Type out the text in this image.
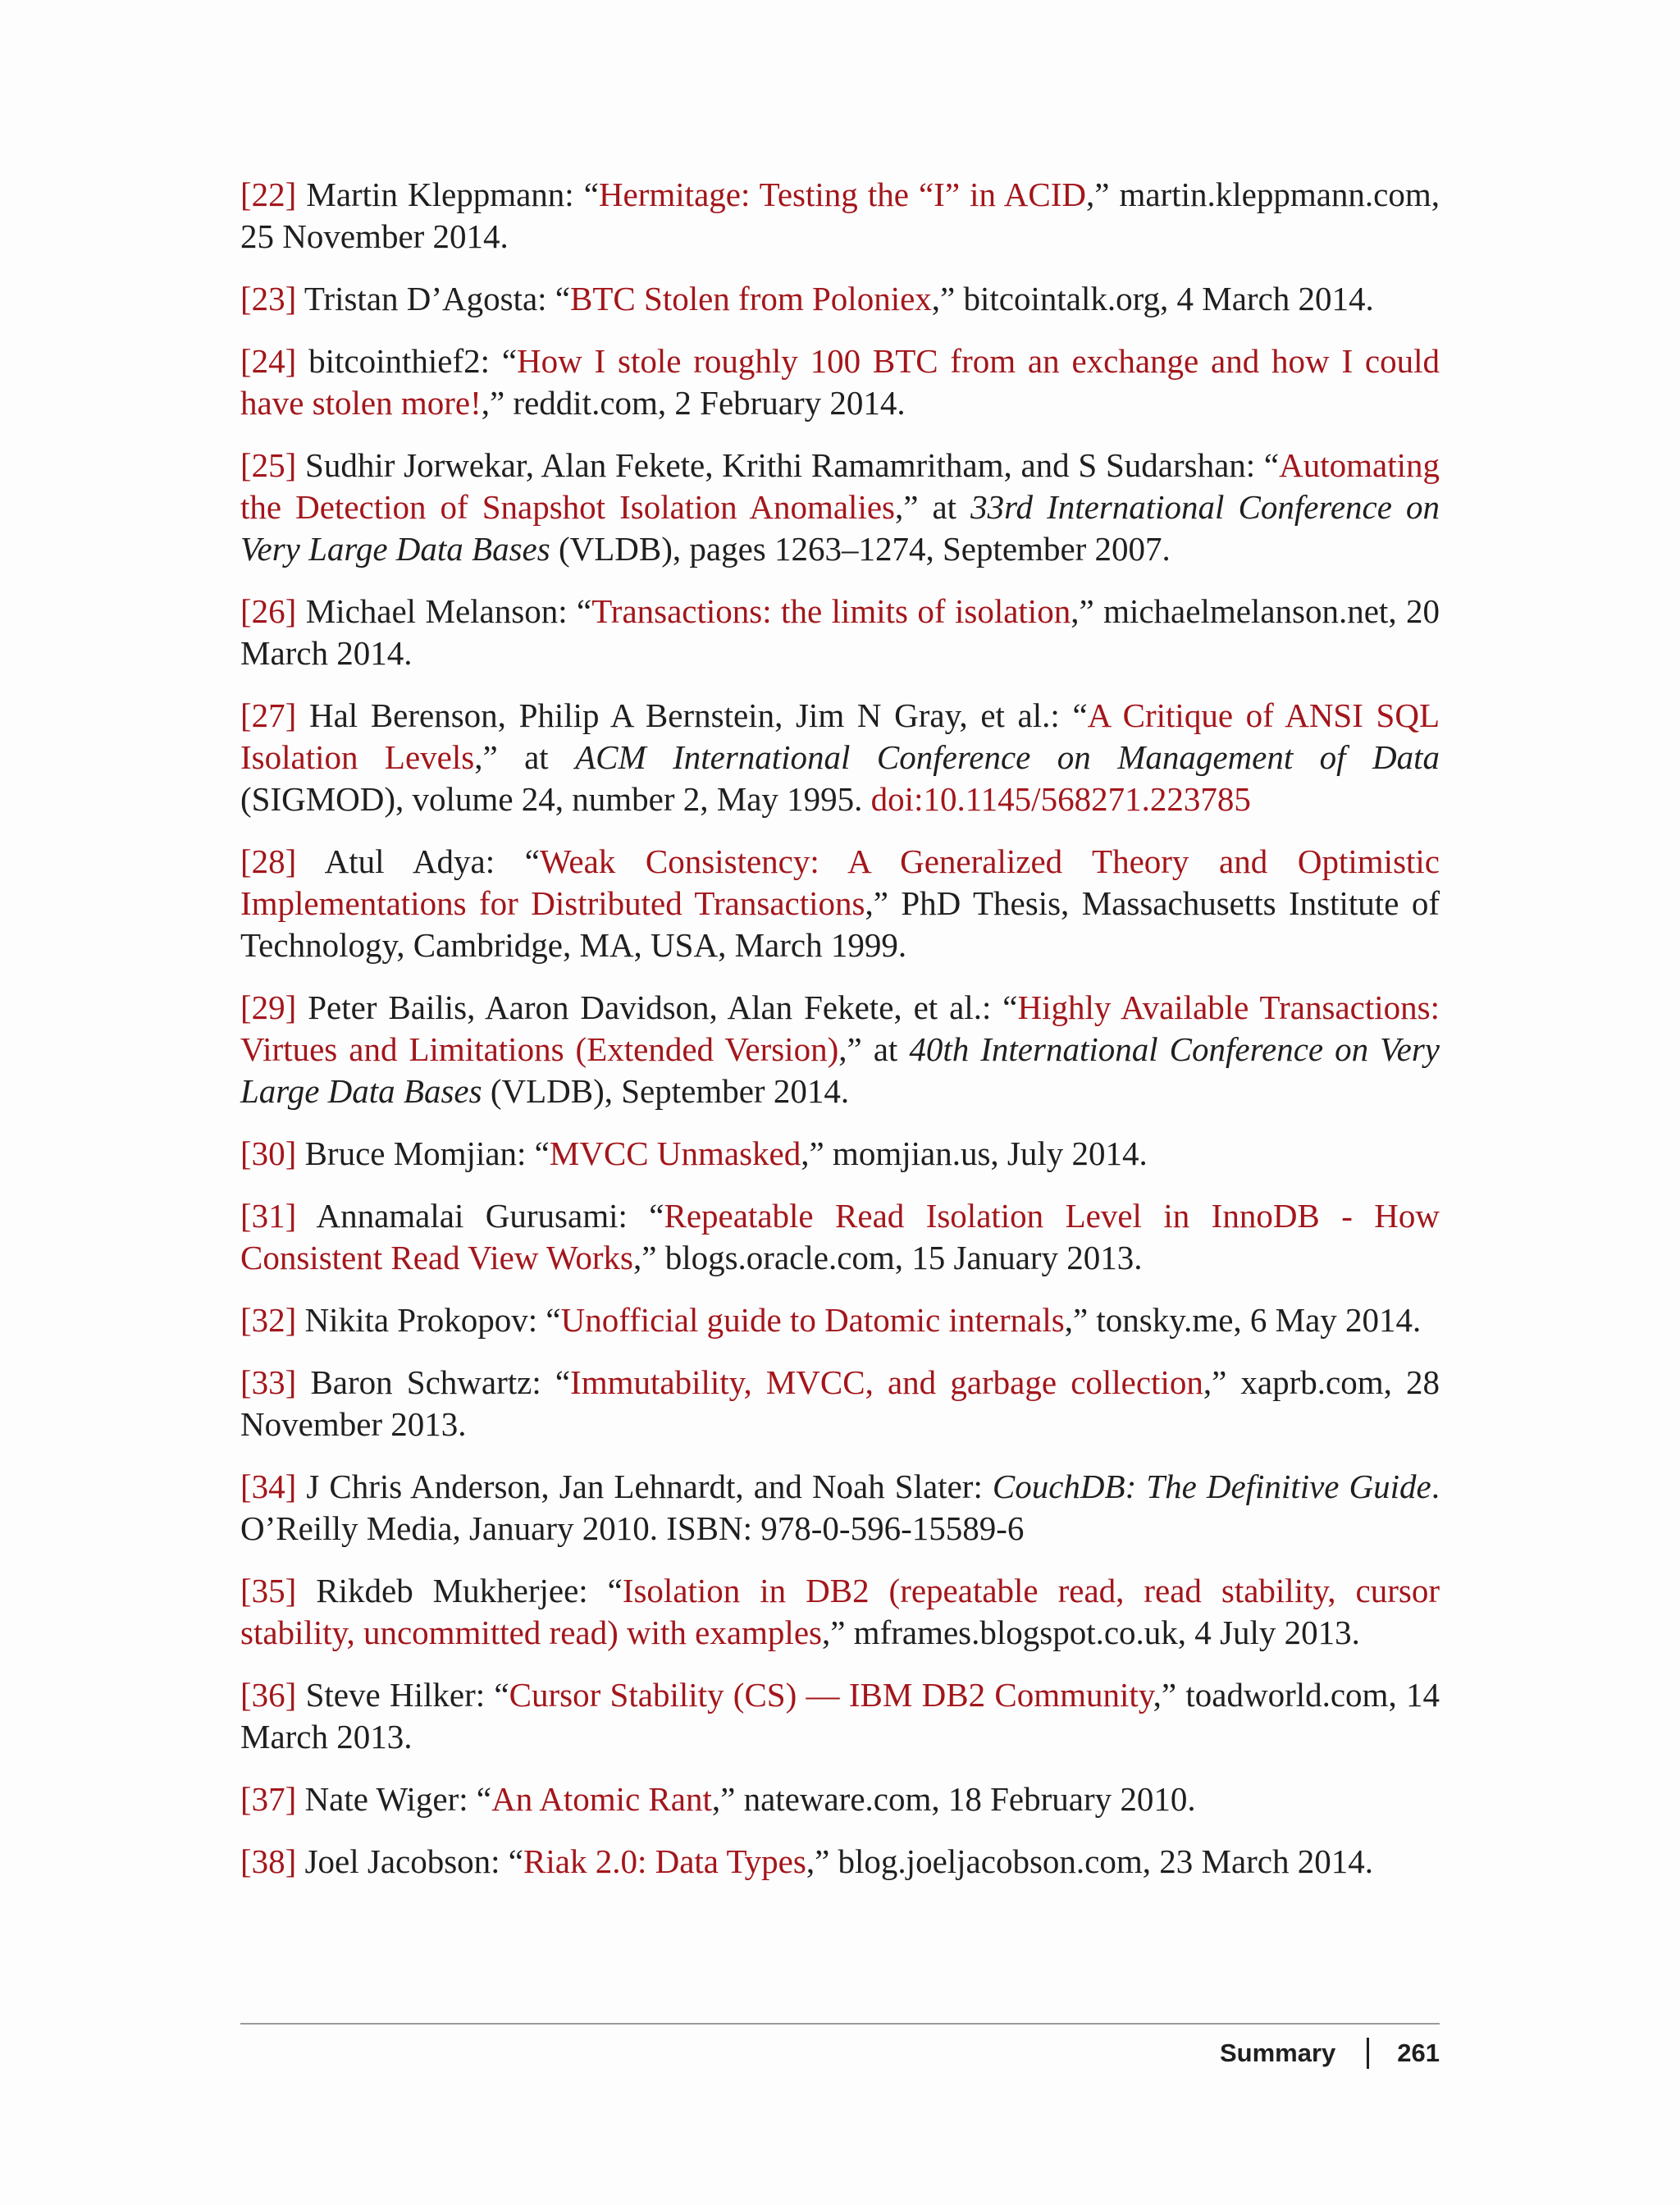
[22] Martin Kleppmann: “Hermitage: Testing the “I” in ACID,” martin.kleppmann.com, 25 November 2014.

[23] Tristan D’Agosta: “BTC Stolen from Poloniex,” bitcointalk.org, 4 March 2014.

[24] bitcointhief2: “How I stole roughly 100 BTC from an exchange and how I could have stolen more!,” reddit.com, 2 February 2014.

[25] Sudhir Jorwekar, Alan Fekete, Krithi Ramamritham, and S Sudarshan: “Automating the Detection of Snapshot Isolation Anomalies,” at 33rd International Conference on Very Large Data Bases (VLDB), pages 1263–1274, September 2007.

[26] Michael Melanson: “Transactions: the limits of isolation,” michaelmelanson.net, 20 March 2014.

[27] Hal Berenson, Philip A Bernstein, Jim N Gray, et al.: “A Critique of ANSI SQL Isolation Levels,” at ACM International Conference on Management of Data (SIGMOD), volume 24, number 2, May 1995. doi:10.1145/568271.223785

[28] Atul Adya: “Weak Consistency: A Generalized Theory and Optimistic Implementations for Distributed Transactions,” PhD Thesis, Massachusetts Institute of Technology, Cambridge, MA, USA, March 1999.

[29] Peter Bailis, Aaron Davidson, Alan Fekete, et al.: “Highly Available Transactions: Virtues and Limitations (Extended Version),” at 40th International Conference on Very Large Data Bases (VLDB), September 2014.

[30] Bruce Momjian: “MVCC Unmasked,” momjian.us, July 2014.

[31] Annamalai Gurusami: “Repeatable Read Isolation Level in InnoDB - How Consistent Read View Works,” blogs.oracle.com, 15 January 2013.

[32] Nikita Prokopov: “Unofficial guide to Datomic internals,” tonsky.me, 6 May 2014.

[33] Baron Schwartz: “Immutability, MVCC, and garbage collection,” xaprb.com, 28 November 2013.

[34] J Chris Anderson, Jan Lehnardt, and Noah Slater: CouchDB: The Definitive Guide. O’Reilly Media, January 2010. ISBN: 978-0-596-15589-6

[35] Rikdeb Mukherjee: “Isolation in DB2 (repeatable read, read stability, cursor stability, uncommitted read) with examples,” mframes.blogspot.co.uk, 4 July 2013.

[36] Steve Hilker: “Cursor Stability (CS) — IBM DB2 Community,” toadworld.com, 14 March 2013.

[37] Nate Wiger: “An Atomic Rant,” nateware.com, 18 February 2010.

[38] Joel Jacobson: “Riak 2.0: Data Types,” blog.joeljacobson.com, 23 March 2014.

Summary 261
